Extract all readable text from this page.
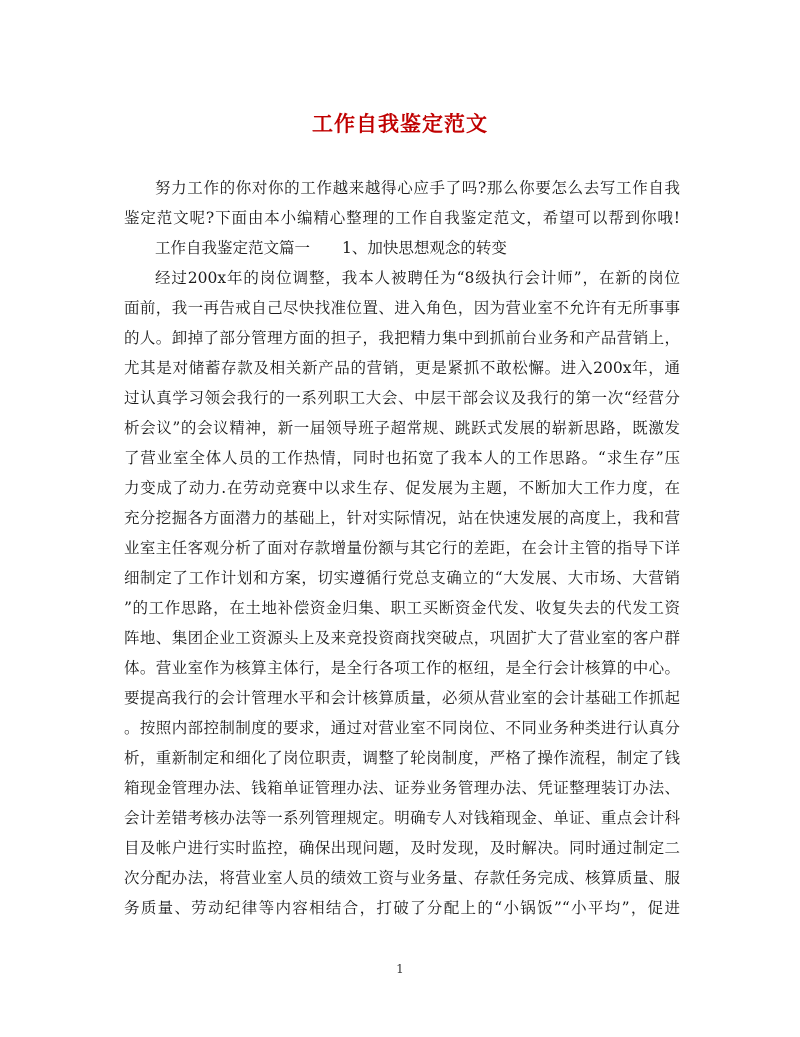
工作自我鉴定范文

努力工作的你对你的工作越来越得心应手了吗?那么你要怎么去写工作自我

鉴定范文呢?下面由本小编精心整理的工作自我鉴定范文，希望可以帮到你哦!

工作自我鉴定范文篇一 1、加快思想观念的转变

经过200x年的岗位调整，我本人被聘任为“8级执行会计师”，在新的岗位

面前，我一再告戒自己尽快找准位置、进入角色，因为营业室不允许有无所事事

的人。卸掉了部分管理方面的担子，我把精力集中到抓前台业务和产品营销上，

尤其是对储蓄存款及相关新产品的营销，更是紧抓不敢松懈。进入200x年，通

过认真学习领会我行的一系列职工大会、中层干部会议及我行的第一次“经营分

析会议”的会议精神，新一届领导班子超常规、跳跃式发展的崭新思路，既激发

了营业室全体人员的工作热情，同时也拓宽了我本人的工作思路。“求生存”压

力变成了动力.在劳动竞赛中以求生存、促发展为主题，不断加大工作力度，在

充分挖掘各方面潜力的基础上，针对实际情况，站在快速发展的高度上，我和营

业室主任客观分析了面对存款增量份额与其它行的差距，在会计主管的指导下详

细制定了工作计划和方案，切实遵循行党总支确立的“大发展、大市场、大营销

”的工作思路，在土地补偿资金归集、职工买断资金代发、收复失去的代发工资

阵地、集团企业工资源头上及来竞投资商找突破点，巩固扩大了营业室的客户群

体。营业室作为核算主体行，是全行各项工作的枢纽，是全行会计核算的中心。

要提高我行的会计管理水平和会计核算质量，必须从营业室的会计基础工作抓起

。按照内部控制制度的要求，通过对营业室不同岗位、不同业务种类进行认真分

析，重新制定和细化了岗位职责，调整了轮岗制度，严格了操作流程，制定了钱

箱现金管理办法、钱箱单证管理办法、证券业务管理办法、凭证整理装订办法、

会计差错考核办法等一系列管理规定。明确专人对钱箱现金、单证、重点会计科

目及帐户进行实时监控，确保出现问题，及时发现，及时解决。同时通过制定二

次分配办法，将营业室人员的绩效工资与业务量、存款任务完成、核算质量、服

务质量、劳动纪律等内容相结合，打破了分配上的“小锅饭”“小平均”，促进

1
